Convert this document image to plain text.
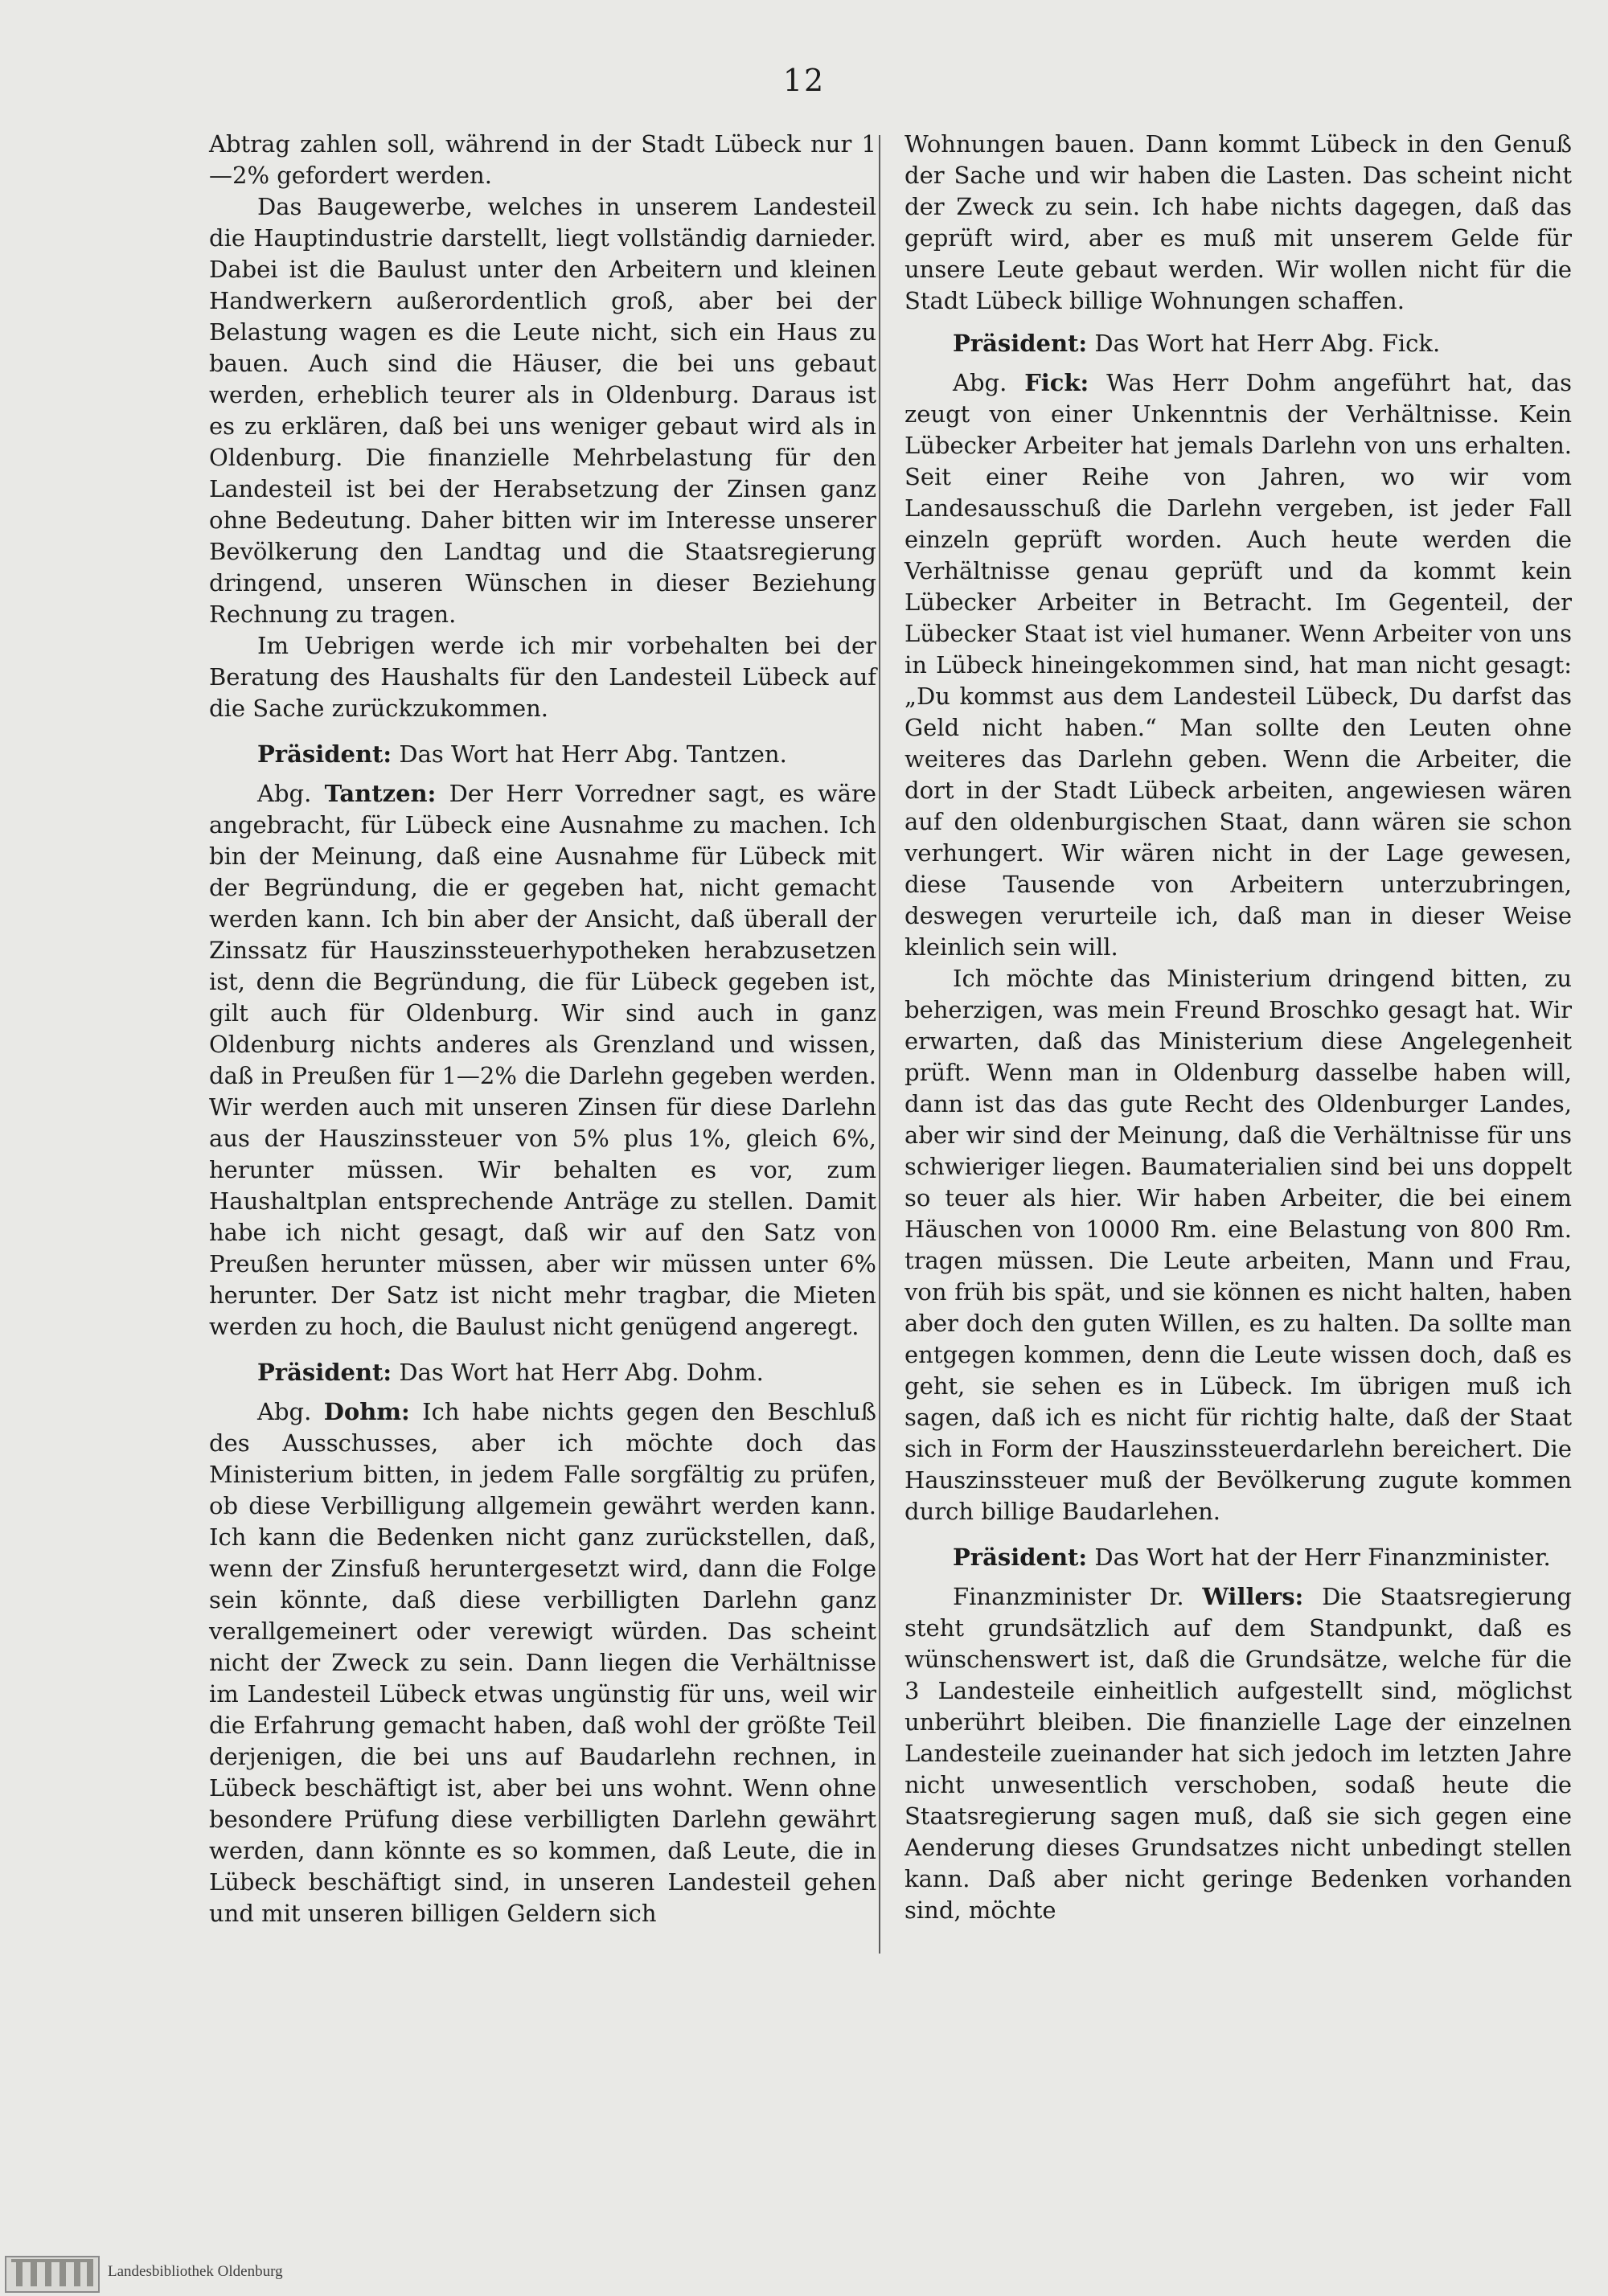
12

Abtrag zahlen soll, während in der Stadt Lübeck nur 1—2% gefordert werden.

Das Baugewerbe, welches in unserem Landesteil die Hauptindustrie darstellt, liegt vollständig darnieder. Dabei ist die Baulust unter den Arbeitern und kleinen Handwerkern außerordentlich groß, aber bei der Belastung wagen es die Leute nicht, sich ein Haus zu bauen. Auch sind die Häuser, die bei uns gebaut werden, erheblich teurer als in Oldenburg. Daraus ist es zu erklären, daß bei uns weniger gebaut wird als in Oldenburg. Die finanzielle Mehrbelastung für den Landesteil ist bei der Herabsetzung der Zinsen ganz ohne Bedeutung. Daher bitten wir im Interesse unserer Bevölkerung den Landtag und die Staatsregierung dringend, unseren Wünschen in dieser Beziehung Rechnung zu tragen.

Im Uebrigen werde ich mir vorbehalten bei der Beratung des Haushalts für den Landesteil Lübeck auf die Sache zurückzukommen.

Präsident: Das Wort hat Herr Abg. Tantzen.

Abg. Tantzen: Der Herr Vorredner sagt, es wäre angebracht, für Lübeck eine Ausnahme zu machen. Ich bin der Meinung, daß eine Ausnahme für Lübeck mit der Begründung, die er gegeben hat, nicht gemacht werden kann. Ich bin aber der Ansicht, daß überall der Zinssatz für Hauszinssteuerhypotheken herabzusetzen ist, denn die Begründung, die für Lübeck gegeben ist, gilt auch für Oldenburg. Wir sind auch in ganz Oldenburg nichts anderes als Grenzland und wissen, daß in Preußen für 1—2% die Darlehn gegeben werden. Wir werden auch mit unseren Zinsen für diese Darlehn aus der Hauszinssteuer von 5% plus 1%, gleich 6%, herunter müssen. Wir behalten es vor, zum Haushaltplan entsprechende Anträge zu stellen. Damit habe ich nicht gesagt, daß wir auf den Satz von Preußen herunter müssen, aber wir müssen unter 6% herunter. Der Satz ist nicht mehr tragbar, die Mieten werden zu hoch, die Baulust nicht genügend angeregt.

Präsident: Das Wort hat Herr Abg. Dohm.

Abg. Dohm: Ich habe nichts gegen den Beschluß des Ausschusses, aber ich möchte doch das Ministerium bitten, in jedem Falle sorgfältig zu prüfen, ob diese Verbilligung allgemein gewährt werden kann. Ich kann die Bedenken nicht ganz zurückstellen, daß, wenn der Zinsfuß heruntergesetzt wird, dann die Folge sein könnte, daß diese verbilligten Darlehn ganz verallgemeinert oder verewigt würden. Das scheint nicht der Zweck zu sein. Dann liegen die Verhältnisse im Landesteil Lübeck etwas ungünstig für uns, weil wir die Erfahrung gemacht haben, daß wohl der größte Teil derjenigen, die bei uns auf Baudarlehn rechnen, in Lübeck beschäftigt ist, aber bei uns wohnt. Wenn ohne besondere Prüfung diese verbilligten Darlehn gewährt werden, dann könnte es so kommen, daß Leute, die in Lübeck beschäftigt sind, in unseren Landesteil gehen und mit unseren billigen Geldern sich

Wohnungen bauen. Dann kommt Lübeck in den Genuß der Sache und wir haben die Lasten. Das scheint nicht der Zweck zu sein. Ich habe nichts dagegen, daß das geprüft wird, aber es muß mit unserem Gelde für unsere Leute gebaut werden. Wir wollen nicht für die Stadt Lübeck billige Wohnungen schaffen.

Präsident: Das Wort hat Herr Abg. Fick.

Abg. Fick: Was Herr Dohm angeführt hat, das zeugt von einer Unkenntnis der Verhältnisse. Kein Lübecker Arbeiter hat jemals Darlehn von uns erhalten. Seit einer Reihe von Jahren, wo wir vom Landesausschuß die Darlehn vergeben, ist jeder Fall einzeln geprüft worden. Auch heute werden die Verhältnisse genau geprüft und da kommt kein Lübecker Arbeiter in Betracht. Im Gegenteil, der Lübecker Staat ist viel humaner. Wenn Arbeiter von uns in Lübeck hineingekommen sind, hat man nicht gesagt: „Du kommst aus dem Landesteil Lübeck, Du darfst das Geld nicht haben.“ Man sollte den Leuten ohne weiteres das Darlehn geben. Wenn die Arbeiter, die dort in der Stadt Lübeck arbeiten, angewiesen wären auf den oldenburgischen Staat, dann wären sie schon verhungert. Wir wären nicht in der Lage gewesen, diese Tausende von Arbeitern unterzubringen, deswegen verurteile ich, daß man in dieser Weise kleinlich sein will.

Ich möchte das Ministerium dringend bitten, zu beherzigen, was mein Freund Broschko gesagt hat. Wir erwarten, daß das Ministerium diese Angelegenheit prüft. Wenn man in Oldenburg dasselbe haben will, dann ist das das gute Recht des Oldenburger Landes, aber wir sind der Meinung, daß die Verhältnisse für uns schwieriger liegen. Baumaterialien sind bei uns doppelt so teuer als hier. Wir haben Arbeiter, die bei einem Häuschen von 10000 Rm. eine Belastung von 800 Rm. tragen müssen. Die Leute arbeiten, Mann und Frau, von früh bis spät, und sie können es nicht halten, haben aber doch den guten Willen, es zu halten. Da sollte man entgegen kommen, denn die Leute wissen doch, daß es geht, sie sehen es in Lübeck. Im übrigen muß ich sagen, daß ich es nicht für richtig halte, daß der Staat sich in Form der Hauszinssteuerdarlehn bereichert. Die Hauszinssteuer muß der Bevölkerung zugute kommen durch billige Baudarlehen.

Präsident: Das Wort hat der Herr Finanzminister.

Finanzminister Dr. Willers: Die Staatsregierung steht grundsätzlich auf dem Standpunkt, daß es wünschenswert ist, daß die Grundsätze, welche für die 3 Landesteile einheitlich aufgestellt sind, möglichst unberührt bleiben. Die finanzielle Lage der einzelnen Landesteile zueinander hat sich jedoch im letzten Jahre nicht unwesentlich verschoben, sodaß heute die Staatsregierung sagen muß, daß sie sich gegen eine Aenderung dieses Grundsatzes nicht unbedingt stellen kann. Daß aber nicht geringe Bedenken vorhanden sind, möchte

Landesbibliothek Oldenburg
